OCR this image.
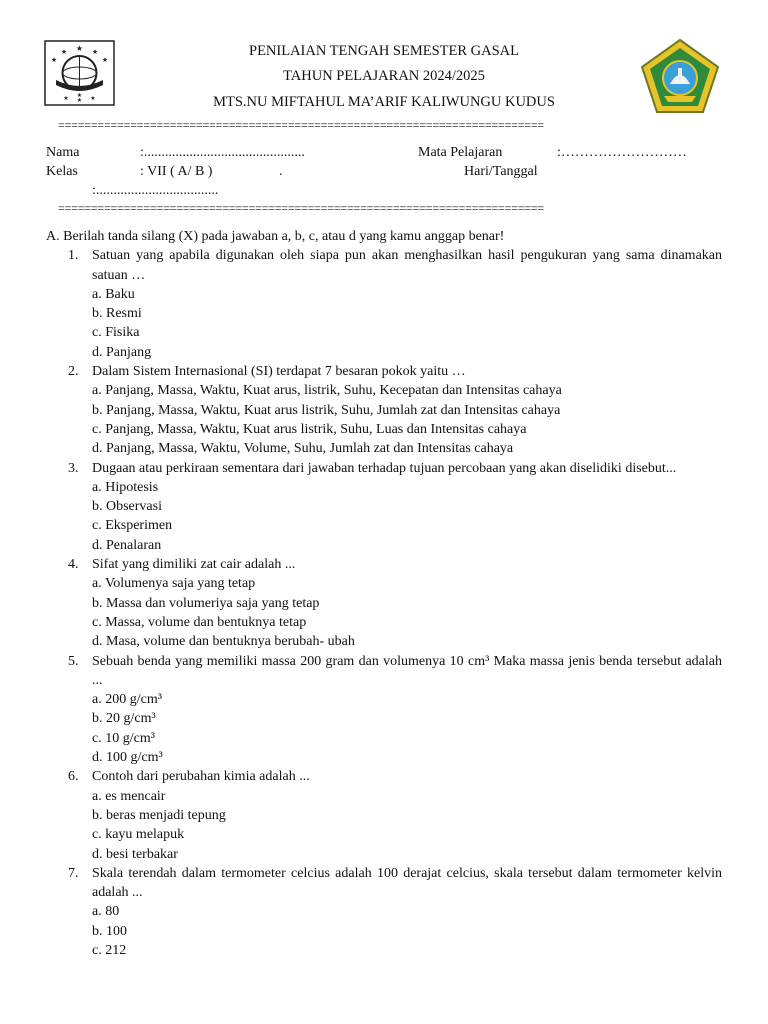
★
★	★
★	★
★ ★ ★
★
PENILAIAN TENGAH SEMESTER GASAL
TAHUN PELAJARAN 2024/2025
MTS.NU MIFTAHUL MA’ARIF KALIWUNGU KUDUS
==========================================================================
Nama	:..............................................	Mata Pelajaran	:………………………
Kelas	: VII ( A/ B )	.	Hari/Tanggal
:...................................
==========================================================================

A. Berilah tanda silang (X) pada jawaban a, b, c, atau d yang kamu anggap benar!

1. Satuan yang apabila digunakan oleh siapa pun akan menghasilkan hasil pengukuran yang sama dinamakan satuan …
a. Baku
b. Resmi
c. Fisika
d. Panjang
2. Dalam Sistem Internasional (SI) terdapat 7 besaran pokok yaitu …
a. Panjang, Massa, Waktu, Kuat arus, listrik, Suhu, Kecepatan dan Intensitas cahaya
b. Panjang, Massa, Waktu, Kuat arus listrik, Suhu, Jumlah zat dan Intensitas cahaya
c. Panjang, Massa, Waktu, Kuat arus listrik, Suhu, Luas dan Intensitas cahaya
d. Panjang, Massa, Waktu, Volume, Suhu, Jumlah zat dan Intensitas cahaya
3. Dugaan atau perkiraan sementara dari jawaban terhadap tujuan percobaan yang akan diselidiki disebut...
a. Hipotesis
b. Observasi
c. Eksperimen
d. Penalaran
4. Sifat yang dimiliki zat cair adalah ...
a. Volumenya saja yang tetap
b. Massa dan volumeriya saja yang tetap
c. Massa, volume dan bentuknya tetap
d. Masa, volume dan bentuknya berubah- ubah
5. Sebuah benda yang memiliki massa 200 gram dan volumenya 10 cm³ Maka massa jenis benda tersebut adalah ...
a. 200 g/cm³
b. 20 g/cm³
c. 10 g/cm³
d. 100 g/cm³
6. Contoh dari perubahan kimia adalah ...
a. es mencair
b. beras menjadi tepung
c. kayu melapuk
d. besi terbakar
7. Skala terendah dalam termometer celcius adalah 100 derajat celcius, skala tersebut dalam termometer kelvin adalah ...
a. 80
b. 100
c. 212
